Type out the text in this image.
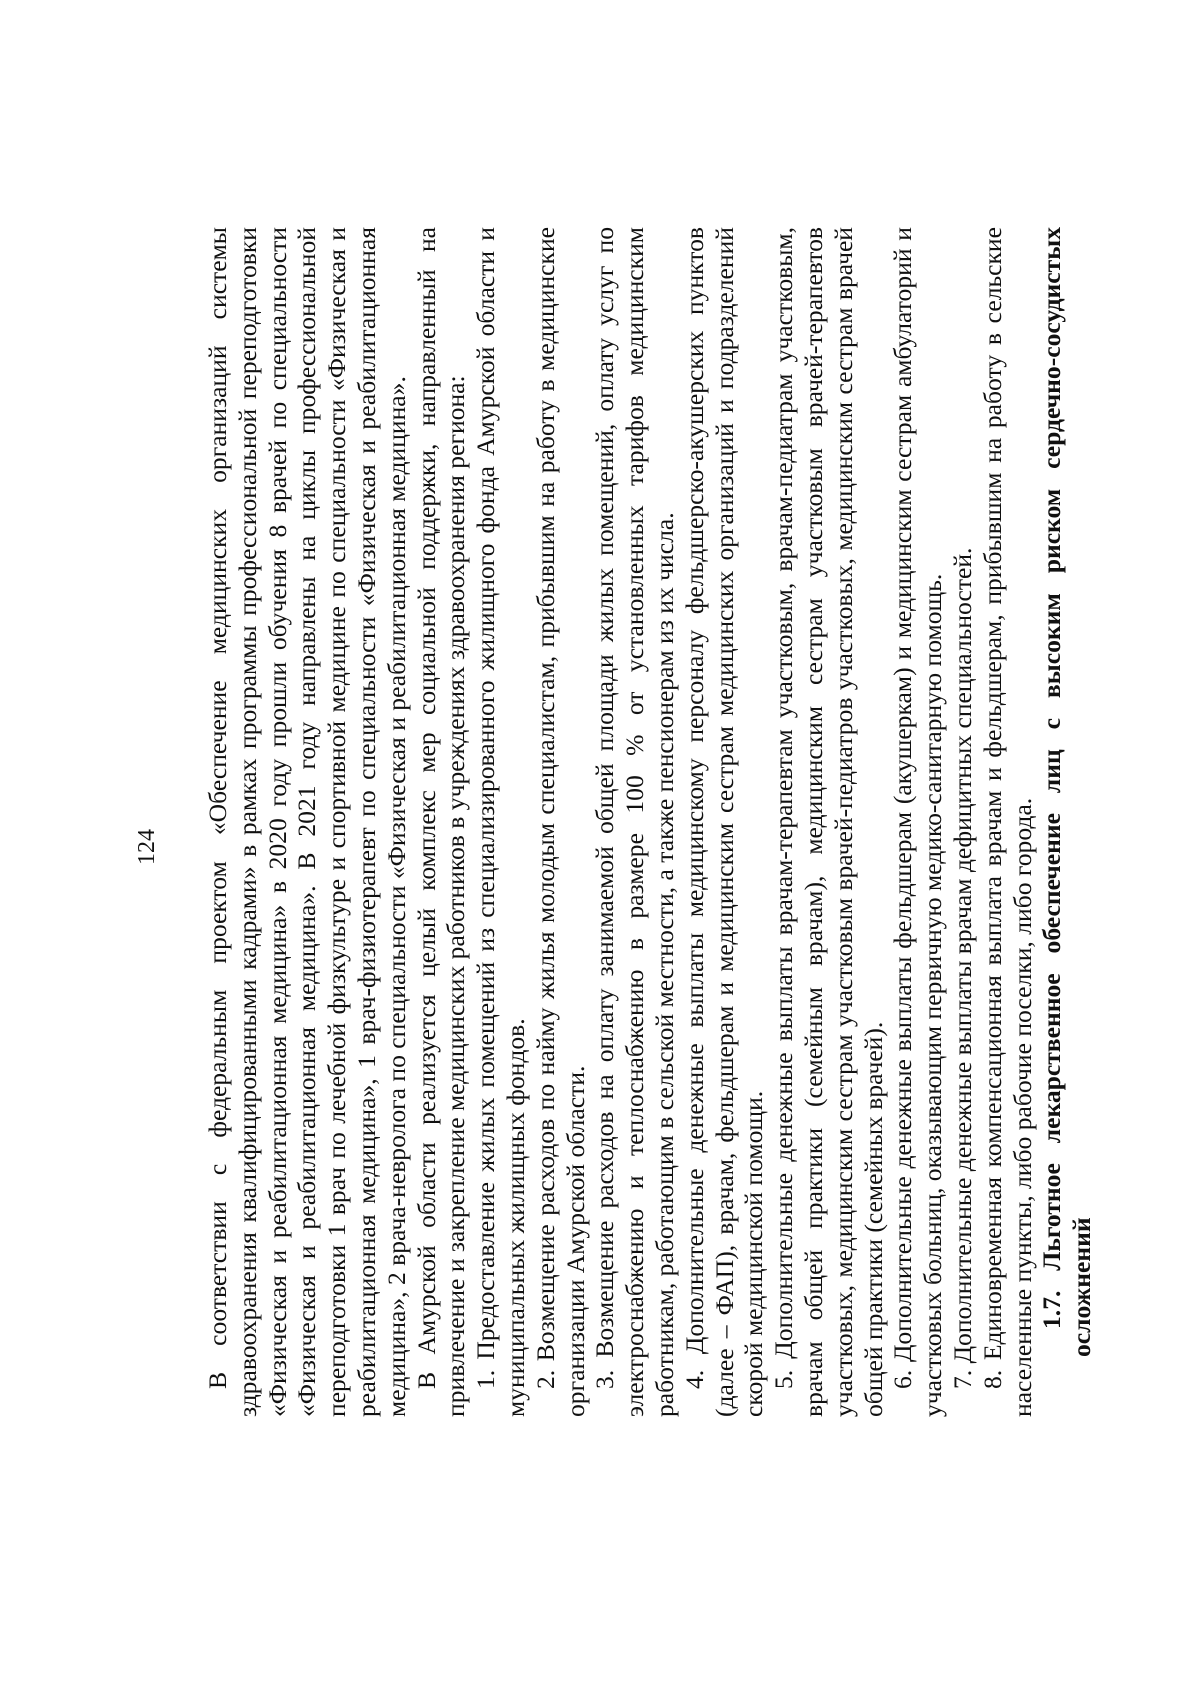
124 В соответствии с федеральным проектом «Обеспечение медицинских организаций системы здравоохранения квалифицированными кадрами» в рамках программы профессиональной переподготовки «Физическая и реабилитационная медицина» в 2020 году прошли обучения 8 врачей по специальности «Физическая и реабилитационная медицина». В 2021 году направлены на циклы профессиональной переподготовки 1 врач по лечебной физкультуре и спортивной медицине по специальности «Физическая и реабилитационная медицина», 1 врач-физиотерапевт по специальности «Физическая и реабилитационная медицина», 2 врача-невролога по специальности «Физическая и реабилитационная медицина». В Амурской области реализуется целый комплекс мер социальной поддержки, направленный на привлечение и закрепление медицинских работников в учреждениях здравоохранения региона: 1. Предоставление жилых помещений из специализированного жилищного фонда Амурской области и муниципальных жилищных фондов. 2. Возмещение расходов по найму жилья молодым специалистам, прибывшим на работу в медицинские организации Амурской области. 3. Возмещение расходов на оплату занимаемой общей площади жилых помещений, оплату услуг по электроснабжению и теплоснабжению в размере 100 % от установленных тарифов медицинским работникам, работающим в сельской местности, а также пенсионерам из их числа. 4. Дополнительные денежные выплаты медицинскому персоналу фельдшерско-акушерских пунктов (далее – ФАП), врачам, фельдшерам и медицинским сестрам медицинских организаций и подразделений скорой медицинской помощи. 5. Дополнительные денежные выплаты врачам-терапевтам участковым, врачам-педиатрам участковым, врачам общей практики (семейным врачам), медицинским сестрам участковым врачей-терапевтов участковых, медицинским сестрам участковым врачей-педиатров участковых, медицинским сестрам врачей общей практики (семейных врачей). 6. Дополнительные денежные выплаты фельдшерам (акушеркам) и медицинским сестрам амбулаторий и участковых больниц, оказывающим первичную медико-санитарную помощь. 7. Дополнительные денежные выплаты врачам дефицитных специальностей. 8. Единовременная компенсационная выплата врачам и фельдшерам, прибывшим на работу в сельские населенные пункты, либо рабочие поселки, либо города. 1.7. Льготное лекарственное обеспечение лиц с высоким риском сердечно-сосудистых осложнений
